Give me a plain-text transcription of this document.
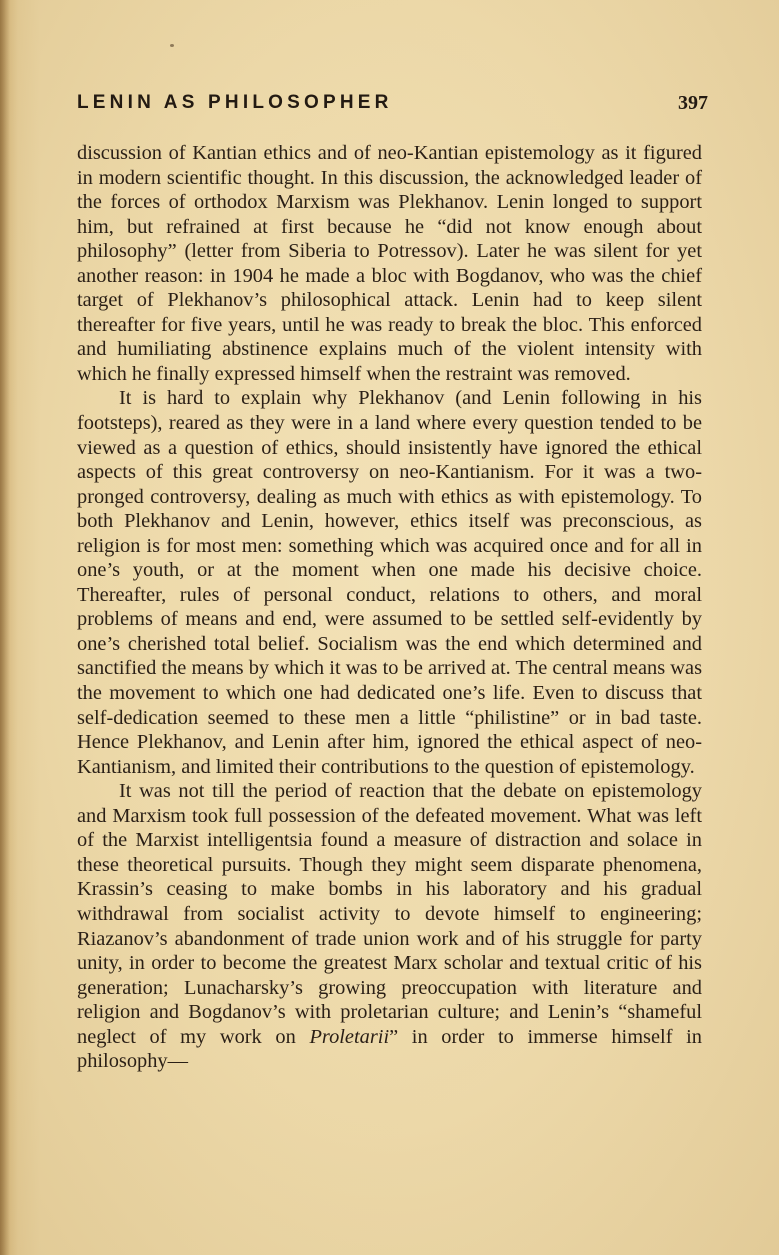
LENIN AS PHILOSOPHER	397

discussion of Kantian ethics and of neo-Kantian epistemology as it figured in modern scientific thought. In this discussion, the acknowledged leader of the forces of orthodox Marxism was Plekhanov. Lenin longed to support him, but refrained at first because he “did not know enough about philosophy” (letter from Siberia to Potressov). Later he was silent for yet another reason: in 1904 he made a bloc with Bogdanov, who was the chief target of Plekhanov’s philosophical attack. Lenin had to keep silent thereafter for five years, until he was ready to break the bloc. This enforced and humiliating abstinence explains much of the violent intensity with which he finally expressed himself when the restraint was removed.

It is hard to explain why Plekhanov (and Lenin following in his footsteps), reared as they were in a land where every question tended to be viewed as a question of ethics, should insistently have ignored the ethical aspects of this great controversy on neo-Kantianism. For it was a two-pronged controversy, dealing as much with ethics as with epistemology. To both Plekhanov and Lenin, however, ethics itself was preconscious, as religion is for most men: something which was acquired once and for all in one’s youth, or at the moment when one made his decisive choice. Thereafter, rules of personal conduct, relations to others, and moral problems of means and end, were assumed to be settled self-evidently by one’s cherished total belief. Socialism was the end which determined and sanctified the means by which it was to be arrived at. The central means was the movement to which one had dedicated one’s life. Even to discuss that self-dedication seemed to these men a little “philistine” or in bad taste. Hence Plekhanov, and Lenin after him, ignored the ethical aspect of neo-Kantianism, and limited their contributions to the question of epistemology.

It was not till the period of reaction that the debate on epistemology and Marxism took full possession of the defeated movement. What was left of the Marxist intelligentsia found a measure of distraction and solace in these theoretical pursuits. Though they might seem disparate phenomena, Krassin’s ceasing to make bombs in his laboratory and his gradual withdrawal from socialist activity to devote himself to engineering; Riazanov’s abandonment of trade union work and of his struggle for party unity, in order to become the greatest Marx scholar and textual critic of his generation; Lunacharsky’s growing preoccupation with literature and religion and Bogdanov’s with proletarian culture; and Lenin’s “shameful neglect of my work on Proletarii” in order to immerse himself in philosophy—
